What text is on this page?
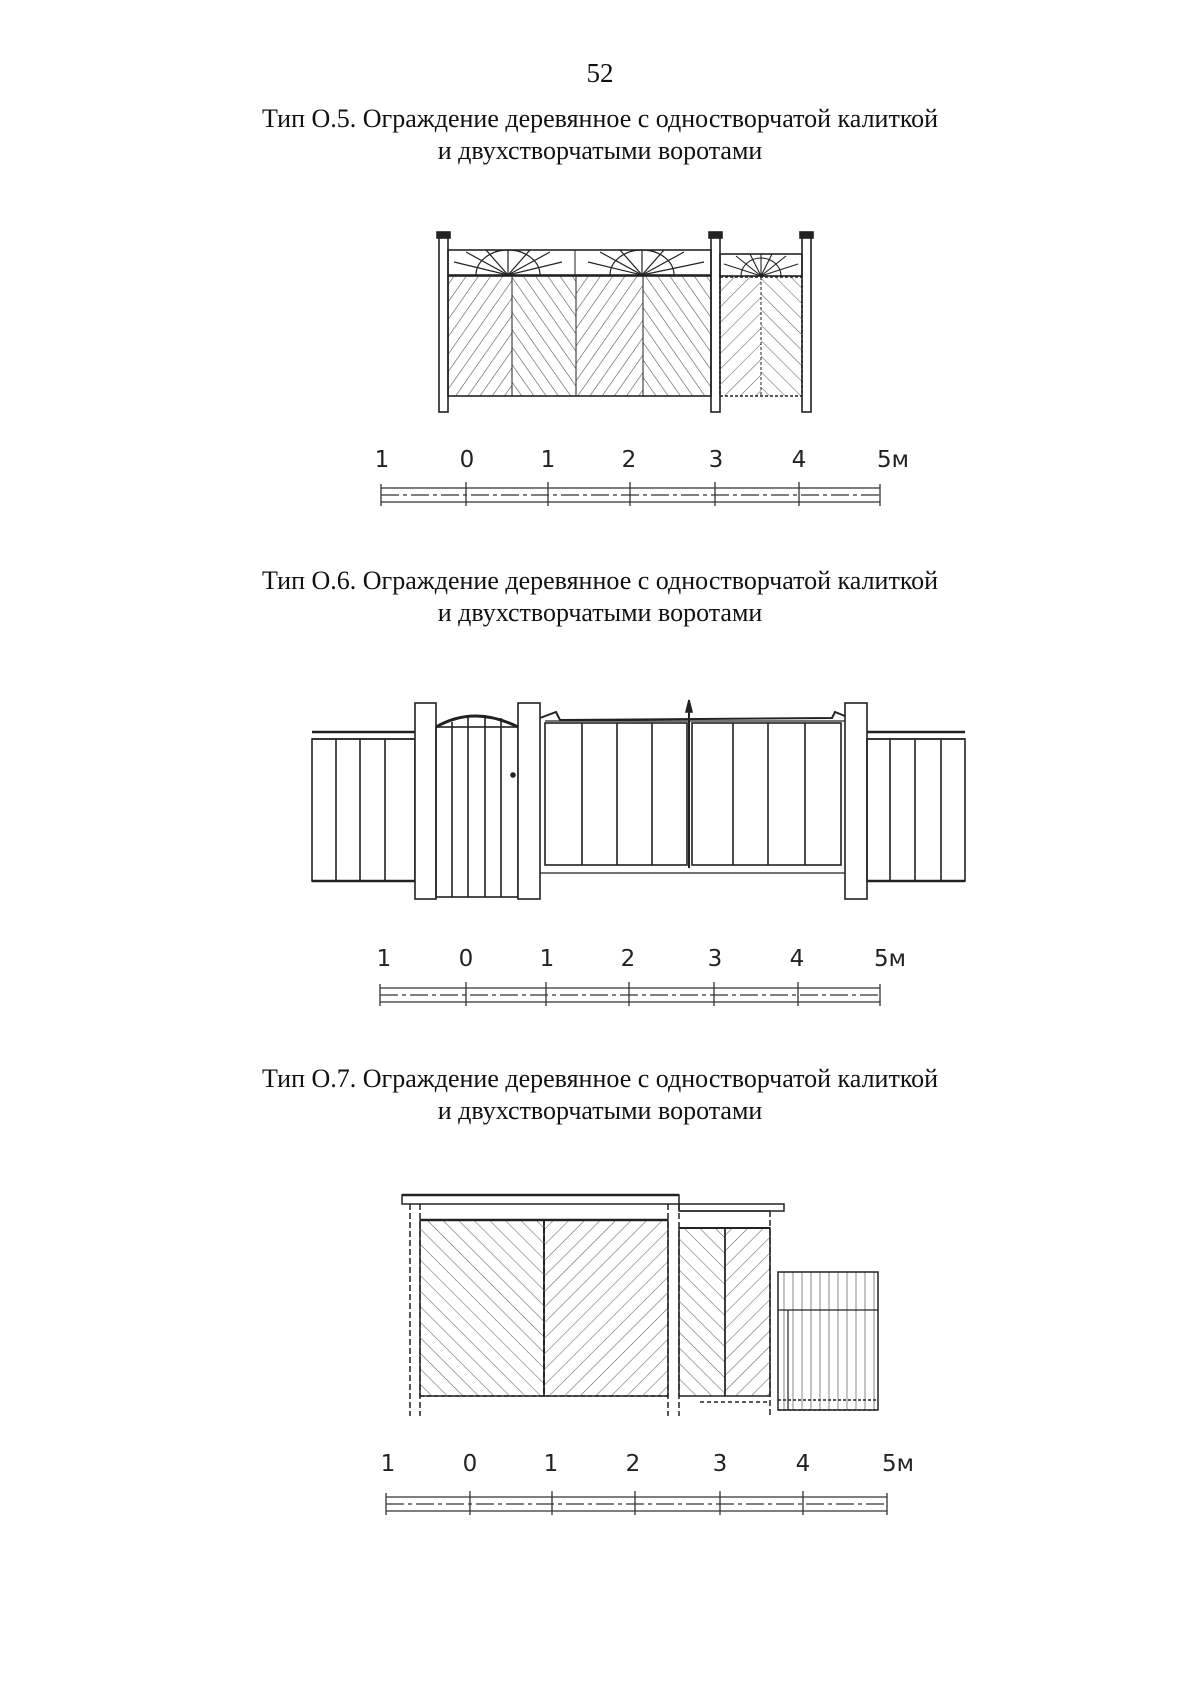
52
Тип О.5. Ограждение деревянное с одностворчатой калиткой
и двухстворчатыми воротами
Тип О.6. Ограждение деревянное с одностворчатой калиткой
и двухстворчатыми воротами
Тип О.7. Ограждение деревянное с одностворчатой калиткой
и двухстворчатыми воротами
1	0	1	2	3	4	5м
1	0	1	2	3	4	5м
1	0	1	2	3	4	5м
